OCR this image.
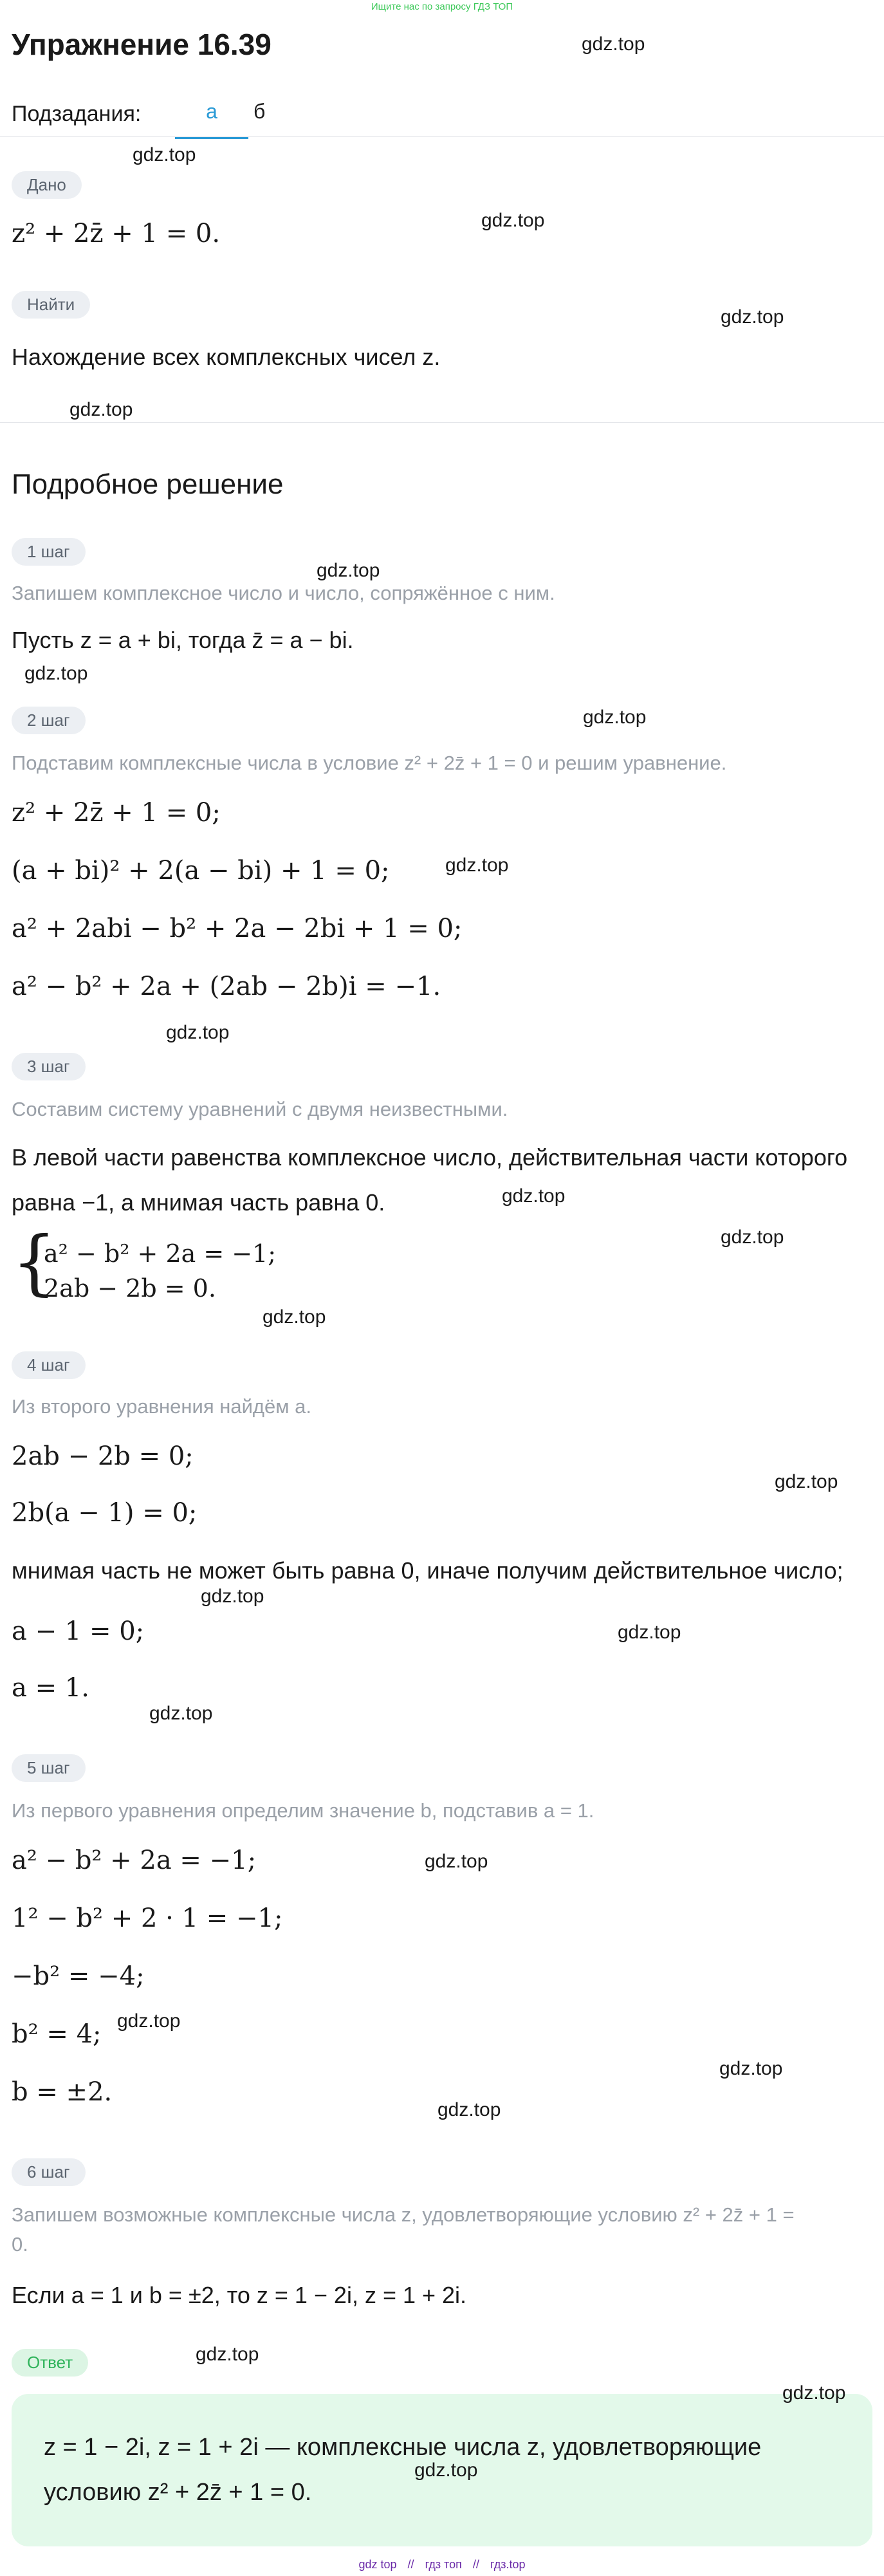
Ищите нас по запросу ГДЗ ТОП
Упражнение 16.39
Подзадания:	а	б
Дано
z² + 2z̄ + 1 = 0.
Найти
Нахождение всех комплексных чисел z.
Подробное решение
1 шаг
Запишем комплексное число и число, сопряжённое с ним.
Пусть z = a + bi, тогда z̄ = a − bi.
2 шаг
Подставим комплексные числа в условие z² + 2z̄ + 1 = 0 и решим уравнение.
z² + 2z̄ + 1 = 0;
(a + bi)² + 2(a − bi) + 1 = 0;
a² + 2abi − b² + 2a − 2bi + 1 = 0;
a² − b² + 2a + (2ab − 2b)i = −1.
3 шаг
Составим систему уравнений с двумя неизвестными.
В левой части равенства комплексное число, действительная части которого
равна −1, а мнимая часть равна 0.
{
a² − b² + 2a = −1;
2ab − 2b = 0.
4 шаг
Из второго уравнения найдём a.
2ab − 2b = 0;
2b(a − 1) = 0;
мнимая часть не может быть равна 0, иначе получим действительное число;
a − 1 = 0;
a = 1.
5 шаг
Из первого уравнения определим значение b, подставив a = 1.
a² − b² + 2a = −1;
1² − b² + 2 · 1 = −1;
−b² = −4;
b² = 4;
b = ±2.
6 шаг
Запишем возможные комплексные числа z, удовлетворяющие условию z² + 2z̄ + 1 =
0.
Если a = 1 и b = ±2, то z = 1 − 2i, z = 1 + 2i.
Ответ
z = 1 − 2i, z = 1 + 2i — комплексные числа z, удовлетворяющие
условию z² + 2z̄ + 1 = 0.
gdz.top
gdz.top
gdz.top
gdz.top
gdz.top
gdz.top
gdz.top
gdz.top
gdz.top
gdz.top
gdz.top
gdz.top
gdz.top
gdz.top
gdz.top
gdz.top
gdz.top
gdz.top
gdz.top
gdz.top
gdz.top
gdz.top
gdz.top
gdz.top
gdz top // гдз топ // гдз.top
